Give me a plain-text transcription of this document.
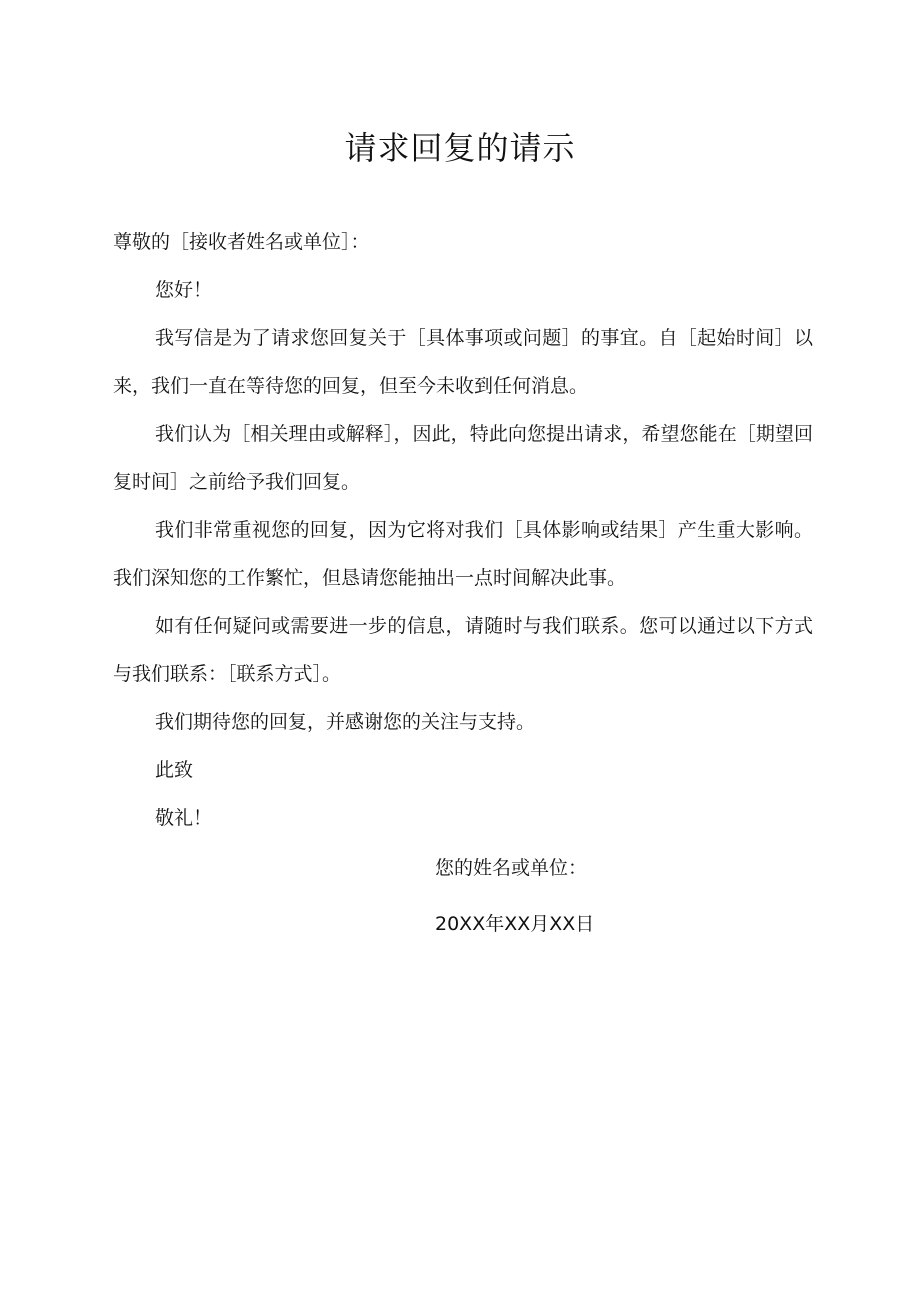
请求回复的请示

尊敬的［接收者姓名或单位］：

您好！

我写信是为了请求您回复关于［具体事项或问题］的事宜。自［起始时间］以来，我们一直在等待您的回复，但至今未收到任何消息。

我们认为［相关理由或解释］，因此，特此向您提出请求，希望您能在［期望回复时间］之前给予我们回复。

我们非常重视您的回复，因为它将对我们［具体影响或结果］产生重大影响。我们深知您的工作繁忙，但恳请您能抽出一点时间解决此事。

如有任何疑问或需要进一步的信息，请随时与我们联系。您可以通过以下方式与我们联系：［联系方式］。

我们期待您的回复，并感谢您的关注与支持。

此致

敬礼！

您的姓名或单位：

20XX年XX月XX日
